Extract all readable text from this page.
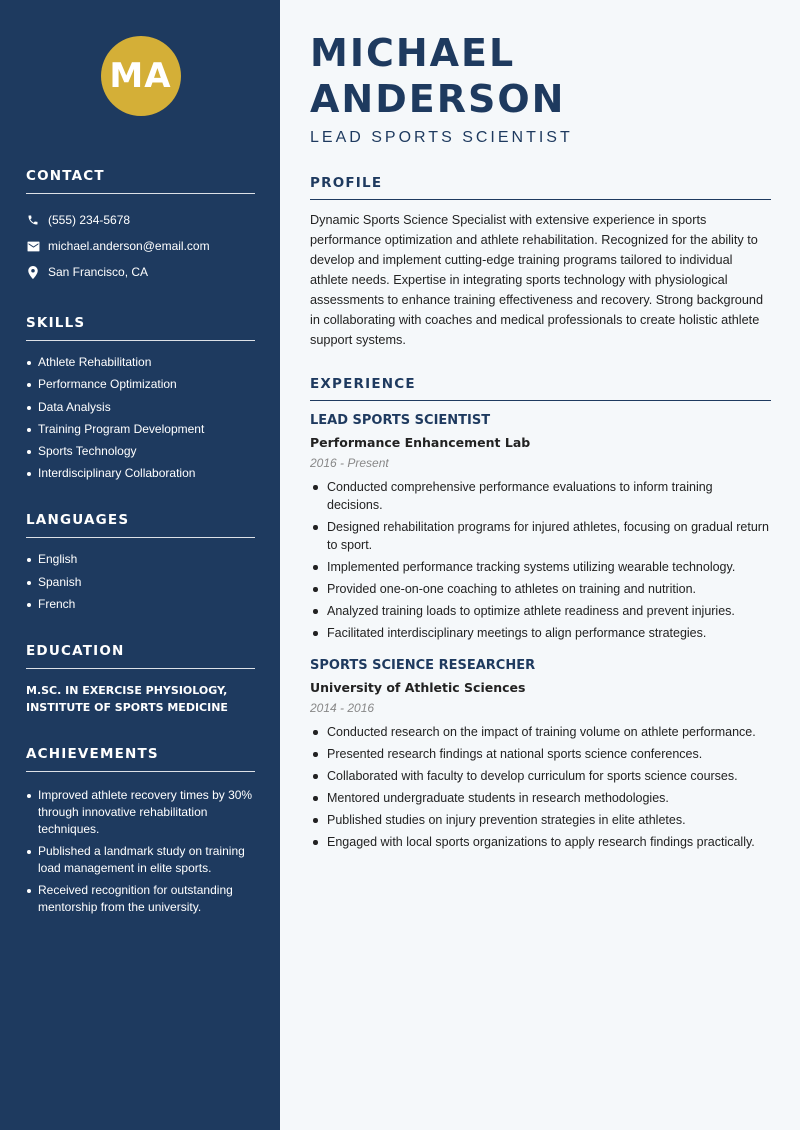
MA
CONTACT
(555) 234-5678
michael.anderson@email.com
San Francisco, CA
SKILLS
Athlete Rehabilitation
Performance Optimization
Data Analysis
Training Program Development
Sports Technology
Interdisciplinary Collaboration
LANGUAGES
English
Spanish
French
EDUCATION
M.SC. IN EXERCISE PHYSIOLOGY, INSTITUTE OF SPORTS MEDICINE
ACHIEVEMENTS
Improved athlete recovery times by 30% through innovative rehabilitation techniques.
Published a landmark study on training load management in elite sports.
Received recognition for outstanding mentorship from the university.
MICHAEL ANDERSON
LEAD SPORTS SCIENTIST
PROFILE

Dynamic Sports Science Specialist with extensive experience in sports performance optimization and athlete rehabilitation. Recognized for the ability to develop and implement cutting-edge training programs tailored to individual athlete needs. Expertise in integrating sports technology with physiological assessments to enhance training effectiveness and recovery. Strong background in collaborating with coaches and medical professionals to create holistic athlete support systems.

EXPERIENCE
LEAD SPORTS SCIENTIST
Performance Enhancement Lab
2016 - Present
Conducted comprehensive performance evaluations to inform training decisions.
Designed rehabilitation programs for injured athletes, focusing on gradual return to sport.
Implemented performance tracking systems utilizing wearable technology.
Provided one-on-one coaching to athletes on training and nutrition.
Analyzed training loads to optimize athlete readiness and prevent injuries.
Facilitated interdisciplinary meetings to align performance strategies.
SPORTS SCIENCE RESEARCHER
University of Athletic Sciences
2014 - 2016
Conducted research on the impact of training volume on athlete performance.
Presented research findings at national sports science conferences.
Collaborated with faculty to develop curriculum for sports science courses.
Mentored undergraduate students in research methodologies.
Published studies on injury prevention strategies in elite athletes.
Engaged with local sports organizations to apply research findings practically.
